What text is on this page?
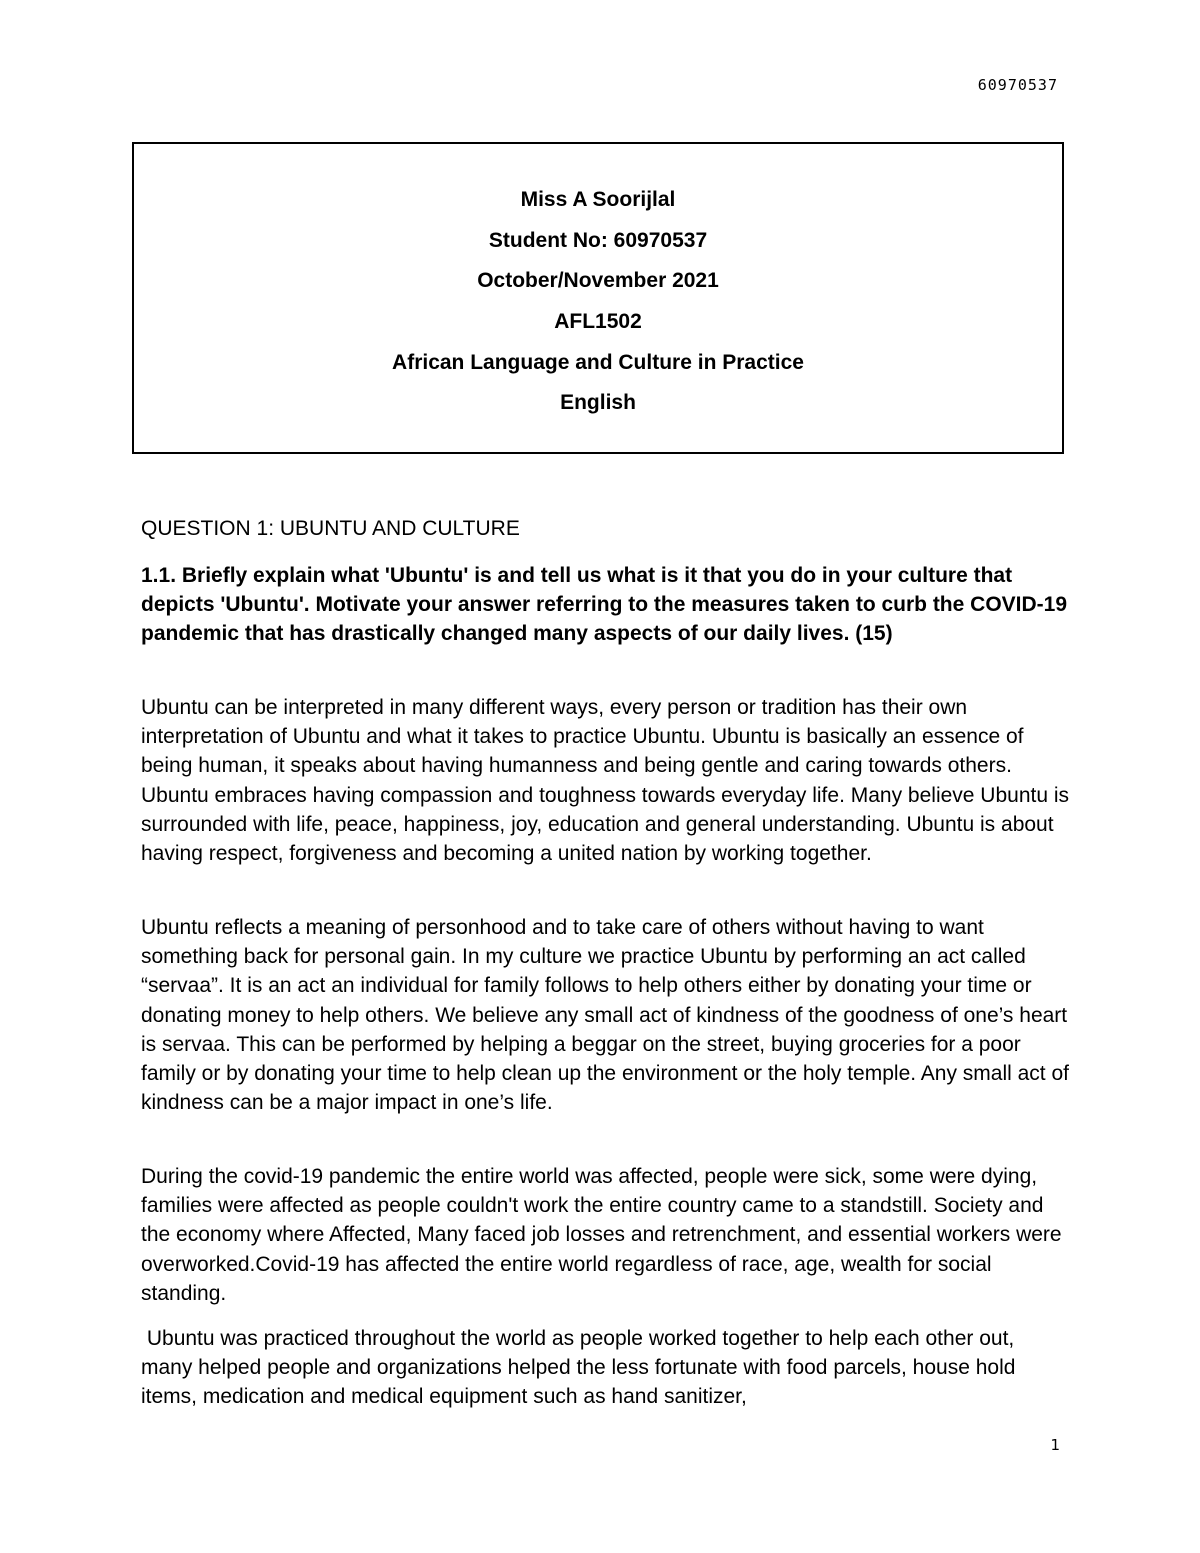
60970537
Miss A Soorijlal
Student No: 60970537
October/November 2021
AFL1502
African Language and Culture in Practice
English
QUESTION 1: UBUNTU AND CULTURE
1.1. Briefly explain what 'Ubuntu' is and tell us what is it that you do in your culture that depicts 'Ubuntu'. Motivate your answer referring to the measures taken to curb the COVID-19 pandemic that has drastically changed many aspects of our daily lives. (15)
Ubuntu can be interpreted in many different ways, every person or tradition has their own interpretation of Ubuntu and what it takes to practice Ubuntu. Ubuntu is basically an essence of being human, it speaks about having humanness and being gentle and caring towards others. Ubuntu embraces having compassion and toughness towards everyday life. Many believe Ubuntu is surrounded with life, peace, happiness, joy, education and general understanding. Ubuntu is about having respect, forgiveness and becoming a united nation by working together.
Ubuntu reflects a meaning of personhood and to take care of others without having to want something back for personal gain. In my culture we practice Ubuntu by performing an act called “servaa”. It is an act an individual for family follows to help others either by donating your time or donating money to help others. We believe any small act of kindness of the goodness of one’s heart is servaa. This can be performed by helping a beggar on the street, buying groceries for a poor family or by donating your time to help clean up the environment or the holy temple. Any small act of kindness can be a major impact in one’s life.
During the covid-19 pandemic the entire world was affected, people were sick, some were dying, families were affected as people couldn't work the entire country came to a standstill. Society and the economy where Affected, Many faced job losses and retrenchment, and essential workers were overworked.Covid-19 has affected the entire world regardless of race, age, wealth for social standing.
Ubuntu was practiced throughout the world as people worked together to help each other out, many helped people and organizations helped the less fortunate with food parcels, house hold items, medication and medical equipment such as hand sanitizer,
1
